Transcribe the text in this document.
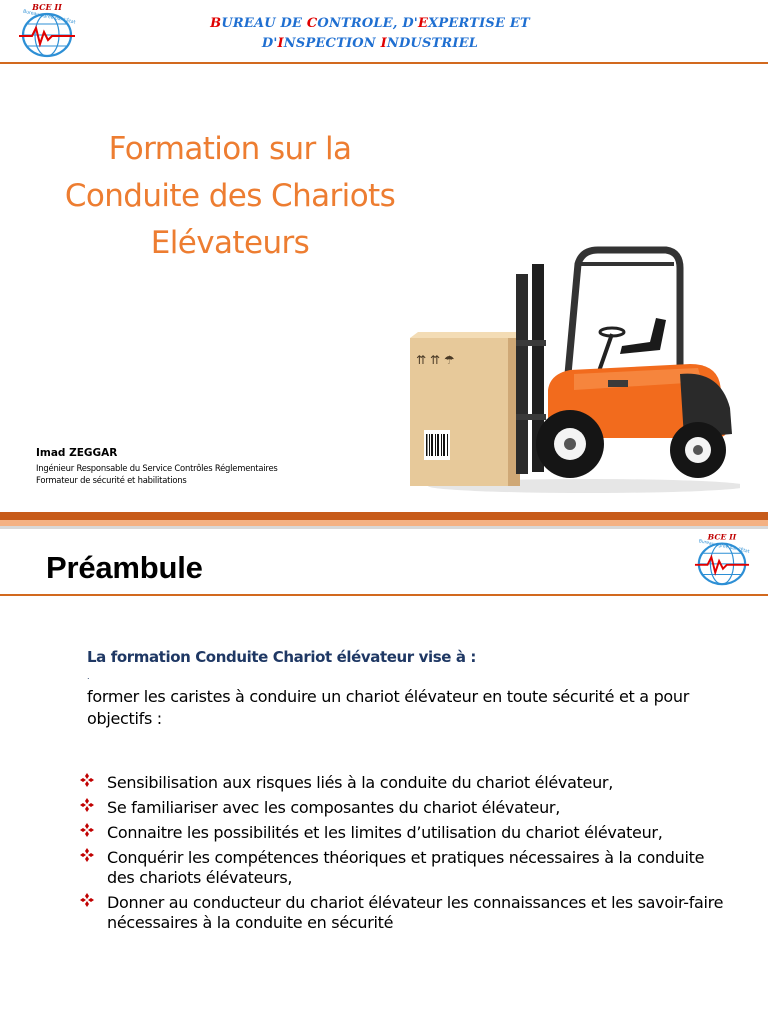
BCE II
Bureau agréé par l'État	BUREAU DE CONTROLE, D'EXPERTISE ET
D'INSPECTION INDUSTRIEL
Formation sur la
Conduite des Chariots
Elévateurs
Imad ZEGGAR
Ingénieur Responsable du Service Contrôles Réglementaires
Formateur de sécurité et habilitations
⇈ ⇈ ☂
Préambule
BCE II
Bureau agréé par l'État
La formation Conduite Chariot élévateur vise à :
.
former les caristes à conduire un chariot élévateur en toute sécurité et a pour objectifs :
Sensibilisation aux risques liés à la conduite du chariot élévateur,
Se familiariser avec les composantes du chariot élévateur,
Connaitre les possibilités et les limites d’utilisation du chariot élévateur,
Conquérir les compétences théoriques et pratiques nécessaires à la conduite des chariots élévateurs,
Donner au conducteur du chariot élévateur les connaissances et les savoir-faire nécessaires à la conduite en sécurité
